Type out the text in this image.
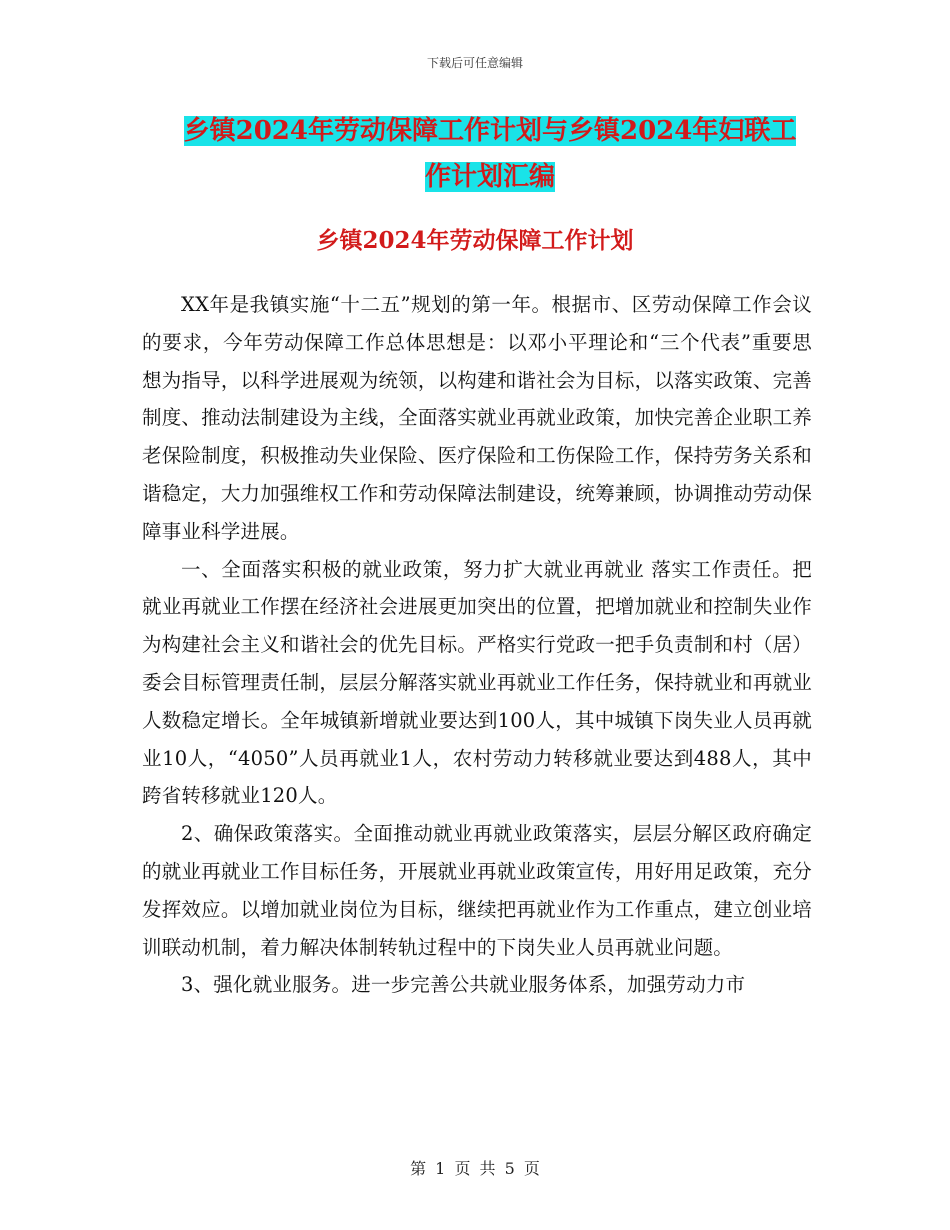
下载后可任意编辑
乡镇2024年劳动保障工作计划与乡镇2024年妇联工
作计划汇编
乡镇2024年劳动保障工作计划

XX年是我镇实施“十二五”规划的第一年。根据市、区劳动保障工作会议的要求，今年劳动保障工作总体思想是：以邓小平理论和“三个代表”重要思想为指导，以科学进展观为统领，以构建和谐社会为目标，以落实政策、完善制度、推动法制建设为主线，全面落实就业再就业政策，加快完善企业职工养老保险制度，积极推动失业保险、医疗保险和工伤保险工作，保持劳务关系和谐稳定，大力加强维权工作和劳动保障法制建设，统筹兼顾，协调推动劳动保障事业科学进展。

一、全面落实积极的就业政策，努力扩大就业再就业 落实工作责任。把就业再就业工作摆在经济社会进展更加突出的位置，把增加就业和控制失业作为构建社会主义和谐社会的优先目标。严格实行党政一把手负责制和村（居）委会目标管理责任制，层层分解落实就业再就业工作任务，保持就业和再就业人数稳定增长。全年城镇新增就业要达到100人，其中城镇下岗失业人员再就业10人，“4050”人员再就业1人，农村劳动力转移就业要达到488人，其中跨省转移就业120人。

2、确保政策落实。全面推动就业再就业政策落实，层层分解区政府确定的就业再就业工作目标任务，开展就业再就业政策宣传，用好用足政策，充分发挥效应。以增加就业岗位为目标，继续把再就业作为工作重点，建立创业培训联动机制，着力解决体制转轨过程中的下岗失业人员再就业问题。

3、强化就业服务。进一步完善公共就业服务体系，加强劳动力市

第 1 页 共 5 页
